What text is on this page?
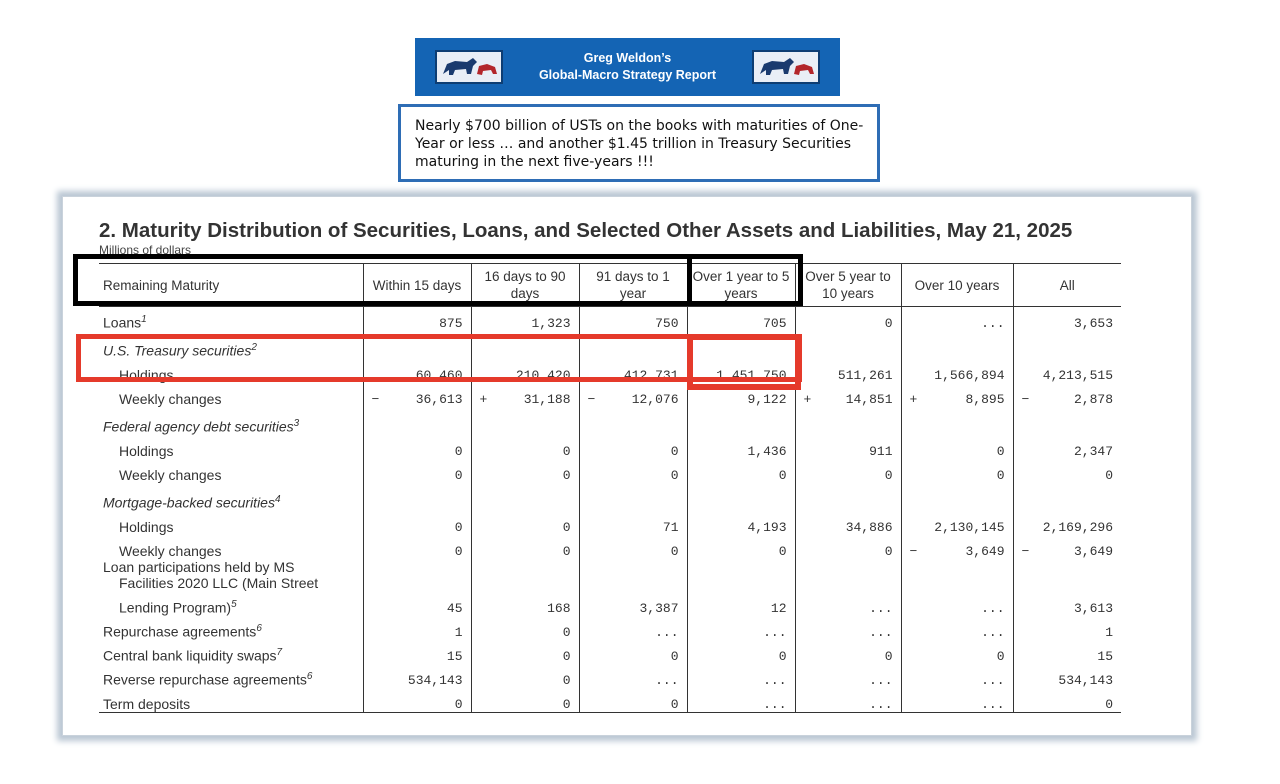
Greg Weldon’s
Global-Macro Strategy Report
Nearly $700 billion of USTs on the books with maturities of One-Year or less … and another $1.45 trillion in Treasury Securities maturing in the next five-years !!!
2. Maturity Distribution of Securities, Loans, and Selected Other Assets and Liabilities, May 21, 2025
Millions of dollars
Remaining Maturity	Within 15 days	16 days to 90 days	91 days to 1 year	Over 1 year to 5 years	Over 5 year to 10 years	Over 10 years	All
Loans$^1$	875	1,323	750	705	0	...	3,653
U.S. Treasury securities$^2$							
Holdings	60,460	210,420	412,731	1,451,750	511,261	1,566,894	4,213,515
Weekly changes	− 36,613	+ 31,188	− 12,076	9,122	+ 14,851	+ 8,895	− 2,878
Federal agency debt securities$^3$							
Holdings	0	0	0	1,436	911	0	2,347
Weekly changes	0	0	0	0	0	0	0
Mortgage-backed securities$^4$							
Holdings	0	0	71	4,193	34,886	2,130,145	2,169,296
Weekly changes	0	0	0	0	0	− 3,649	− 3,649

Loan participations held by MS
Facilities 2020 LLC (Main Street
Lending Program)$^5$	45	168	3,387	12	...	...	3,613
Repurchase agreements$^6$	1	0	...	...	...	...	1
Central bank liquidity swaps$^7$	15	0	0	0	0	0	15
Reverse repurchase agreements$^6$	534,143	0	...	...	...	...	534,143
Term deposits	0	0	0	...	...	...	0
